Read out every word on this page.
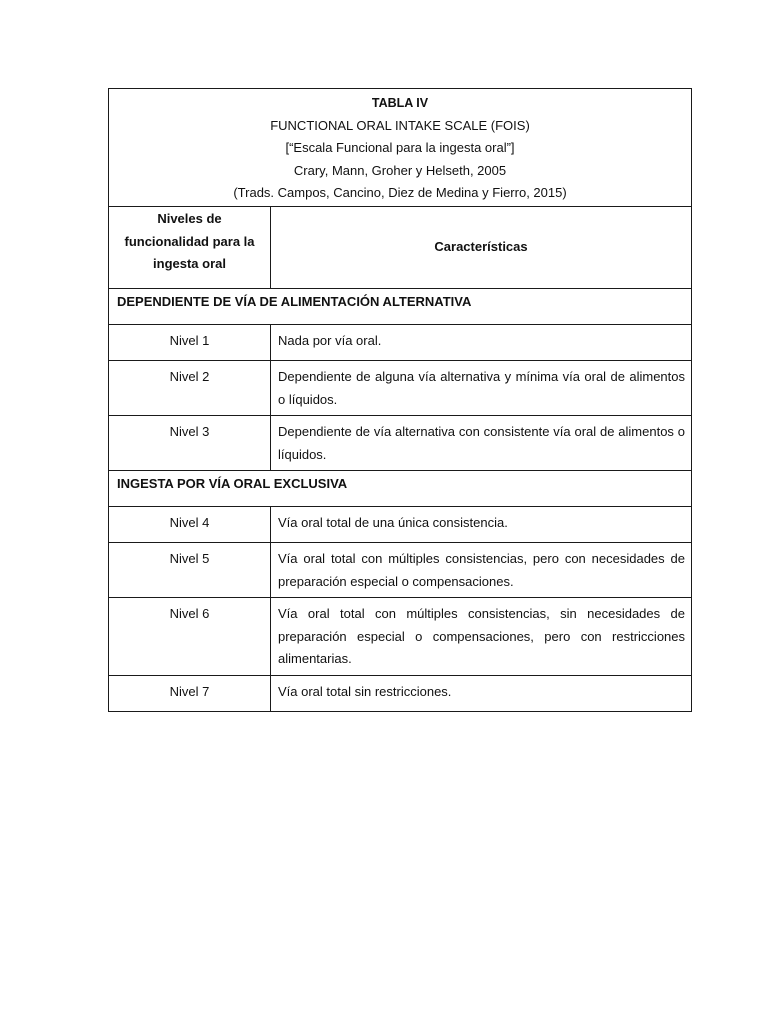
TABLA IV
FUNCTIONAL ORAL INTAKE SCALE (FOIS)
[“Escala Funcional para la ingesta oral”]
Crary, Mann, Groher y Helseth, 2005
(Trads. Campos, Cancino, Diez de Medina y Fierro, 2015)	

Niveles de funcionalidad para la ingesta oral	Características
DEPENDIENTE DE VÍA DE ALIMENTACIÓN ALTERNATIVA	
Nivel 1	Nada por vía oral.
Nivel 2	Dependiente de alguna vía alternativa y mínima vía oral de alimentos o líquidos.
Nivel 3	Dependiente de vía alternativa con consistente vía oral de alimentos o líquidos.
INGESTA POR VÍA ORAL EXCLUSIVA	
Nivel 4	Vía oral total de una única consistencia.
Nivel 5	Vía oral total con múltiples consistencias, pero con necesidades de preparación especial o compensaciones.
Nivel 6	Vía oral total con múltiples consistencias, sin necesidades de preparación especial o compensaciones, pero con restricciones alimentarias.
Nivel 7	Vía oral total sin restricciones.
